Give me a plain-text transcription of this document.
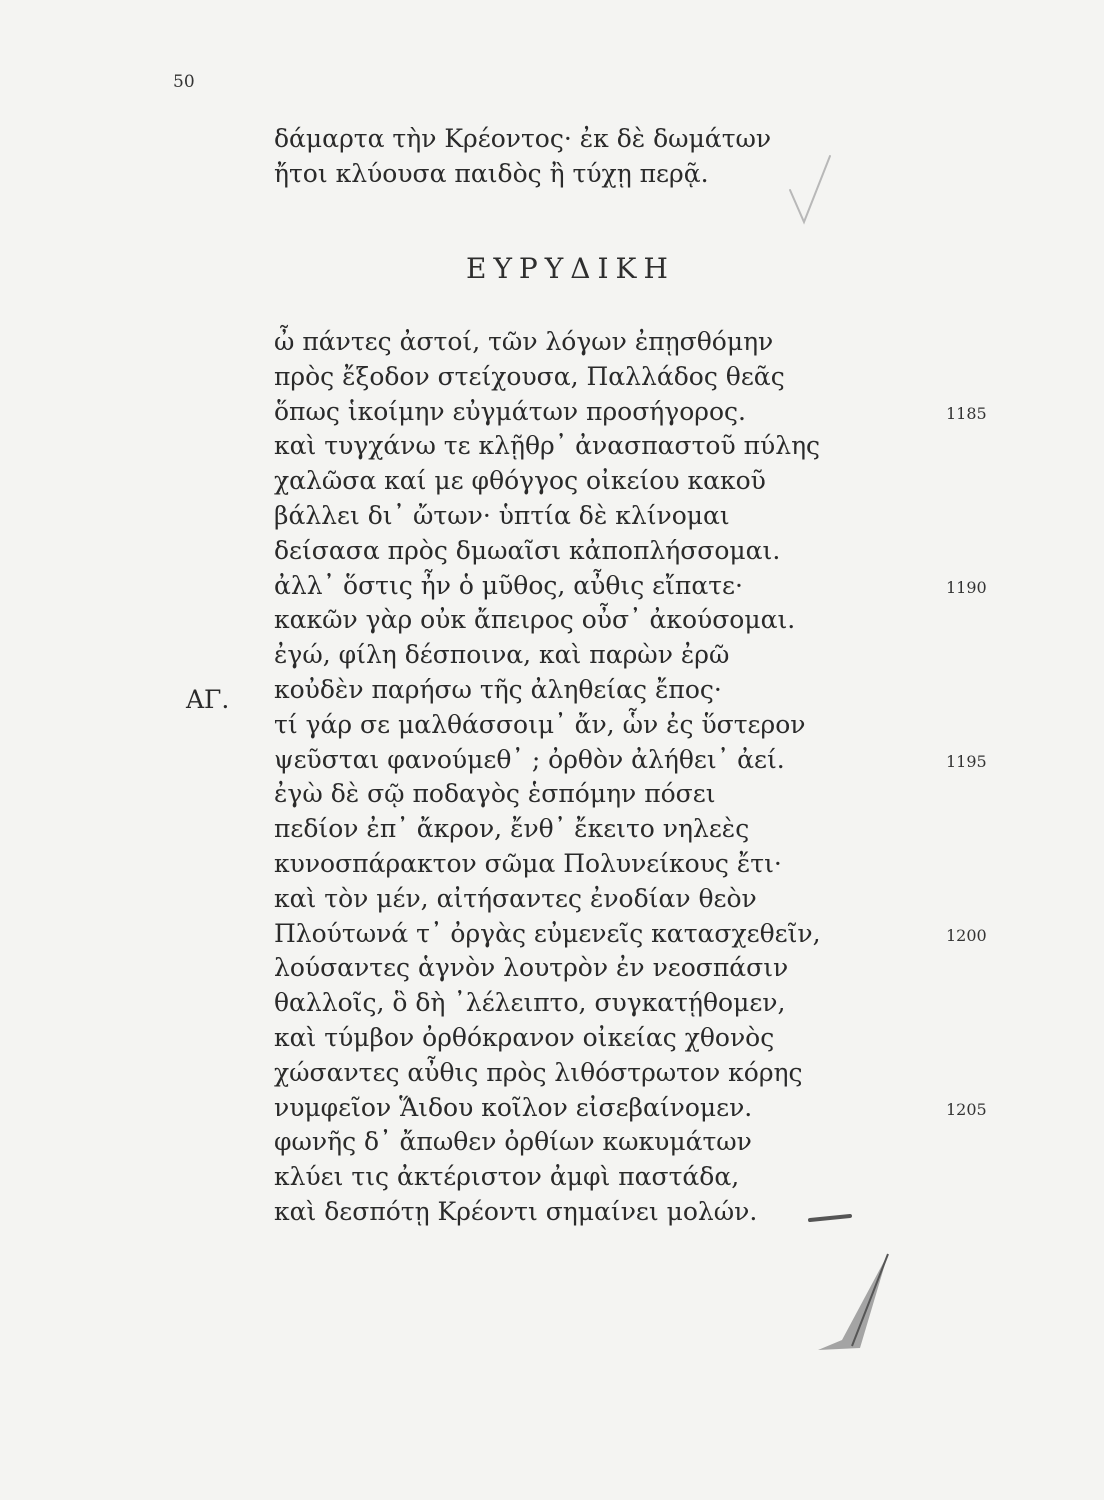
50
δάμαρτα τὴν Κρέοντος· ἐκ δὲ δωμάτων
ἤτοι κλύουσα παιδὸς ἢ τύχῃ περᾷ.
ΕΥΡΥΔΙΚΗ
ΑΓ.
ὦ πάντες ἀστοί, τῶν λόγων ἐπῃσθόμην
πρὸς ἔξοδον στείχουσα, Παλλάδος θεᾶς
ὅπως ἱκοίμην εὐγμάτων προσήγορος.
καὶ τυγχάνω τε κλῇθρ᾽ ἀνασπαστοῦ πύλης
χαλῶσα καί με φθόγγος οἰκείου κακοῦ
βάλλει δι᾽ ὤτων· ὑπτία δὲ κλίνομαι
δείσασα πρὸς δμωαῖσι κἀποπλήσσομαι.
ἀλλ᾽ ὅστις ἦν ὁ μῦθος, αὖθις εἴπατε·
κακῶν γὰρ οὐκ ἄπειρος οὖσ᾽ ἀκούσομαι.
ἐγώ, φίλη δέσποινα, καὶ παρὼν ἐρῶ
κοὐδὲν παρήσω τῆς ἀληθείας ἔπος·
τί γάρ σε μαλθάσσοιμ᾽ ἄν, ὧν ἐς ὕστερον
ψεῦσται φανούμεθ᾽ ; ὀρθὸν ἀλήθει᾽ ἀεί.
ἐγὼ δὲ σῷ ποδαγὸς ἑσπόμην πόσει
πεδίον ἐπ᾽ ἄκρον, ἔνθ᾽ ἔκειτο νηλεὲς
κυνοσπάρακτον σῶμα Πολυνείκους ἔτι·
καὶ τὸν μέν, αἰτήσαντες ἐνοδίαν θεὸν
Πλούτωνά τ᾽ ὀργὰς εὐμενεῖς κατασχεθεῖν,
λούσαντες ἁγνὸν λουτρὸν ἐν νεοσπάσιν
θαλλοῖς, ὃ δὴ ᾿λέλειπτο, συγκατῄθομεν,
καὶ τύμβον ὀρθόκρανον οἰκείας χθονὸς
χώσαντες αὖθις πρὸς λιθόστρωτον κόρης
νυμφεῖον Ἅιδου κοῖλον εἰσεβαίνομεν.
φωνῆς δ᾽ ἄπωθεν ὀρθίων κωκυμάτων
κλύει τις ἀκτέριστον ἀμφὶ παστάδα,
καὶ δεσπότῃ Κρέοντι σημαίνει μολών.
1185
1190
1195
1200
1205
